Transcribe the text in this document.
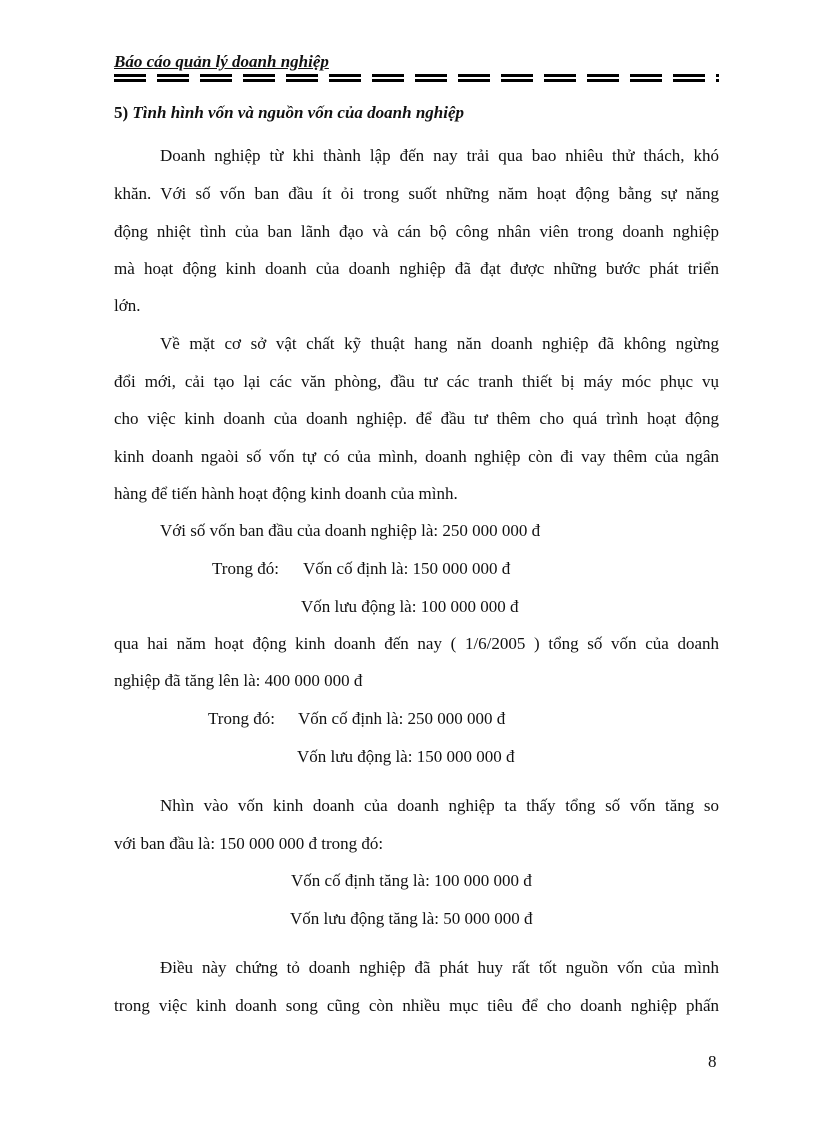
Báo cáo quản lý doanh nghiệp
5) Tình hình vốn và nguồn vốn của doanh nghiệp
Doanh nghiệp từ khi thành lập đến nay trải qua bao nhiêu thử thách, khó
khăn. Với số vốn ban đầu ít ỏi trong suốt những năm hoạt động bằng sự năng
động nhiệt tình của ban lãnh đạo và cán bộ công nhân viên trong doanh nghiệp
mà hoạt động kinh doanh của doanh nghiệp đã đạt được những bước phát triển
lớn.
Về mặt cơ sở vật chất kỹ thuật hang năn doanh nghiệp đã không ngừng
đổi mới, cải tạo lại các văn phòng, đầu tư các tranh thiết bị máy móc phục vụ
cho việc kinh doanh của doanh nghiệp. để đầu tư thêm cho quá trình hoạt động
kinh doanh ngaòi số vốn tự có của mình, doanh nghiệp còn đi vay thêm của ngân
hàng để tiến hành hoạt động kinh doanh của mình.
Với số vốn ban đầu của doanh nghiệp là: 250 000 000 đ
Trong đó: Vốn cố định là: 150 000 000 đ
Vốn lưu động là: 100 000 000 đ
qua hai năm hoạt động kinh doanh đến nay ( 1/6/2005 ) tổng số vốn của doanh
nghiệp đã tăng lên là: 400 000 000 đ
Trong đó: Vốn cố định là: 250 000 000 đ
Vốn lưu động là: 150 000 000 đ
Nhìn vào vốn kinh doanh của doanh nghiệp ta thấy tổng số vốn tăng so
với ban đầu là: 150 000 000 đ trong đó:
Vốn cố định tăng là: 100 000 000 đ
Vốn lưu động tăng là: 50 000 000 đ
Điều này chứng tỏ doanh nghiệp đã phát huy rất tốt nguồn vốn của mình
trong việc kinh doanh song cũng còn nhiều mục tiêu để cho doanh nghiệp phấn
8
